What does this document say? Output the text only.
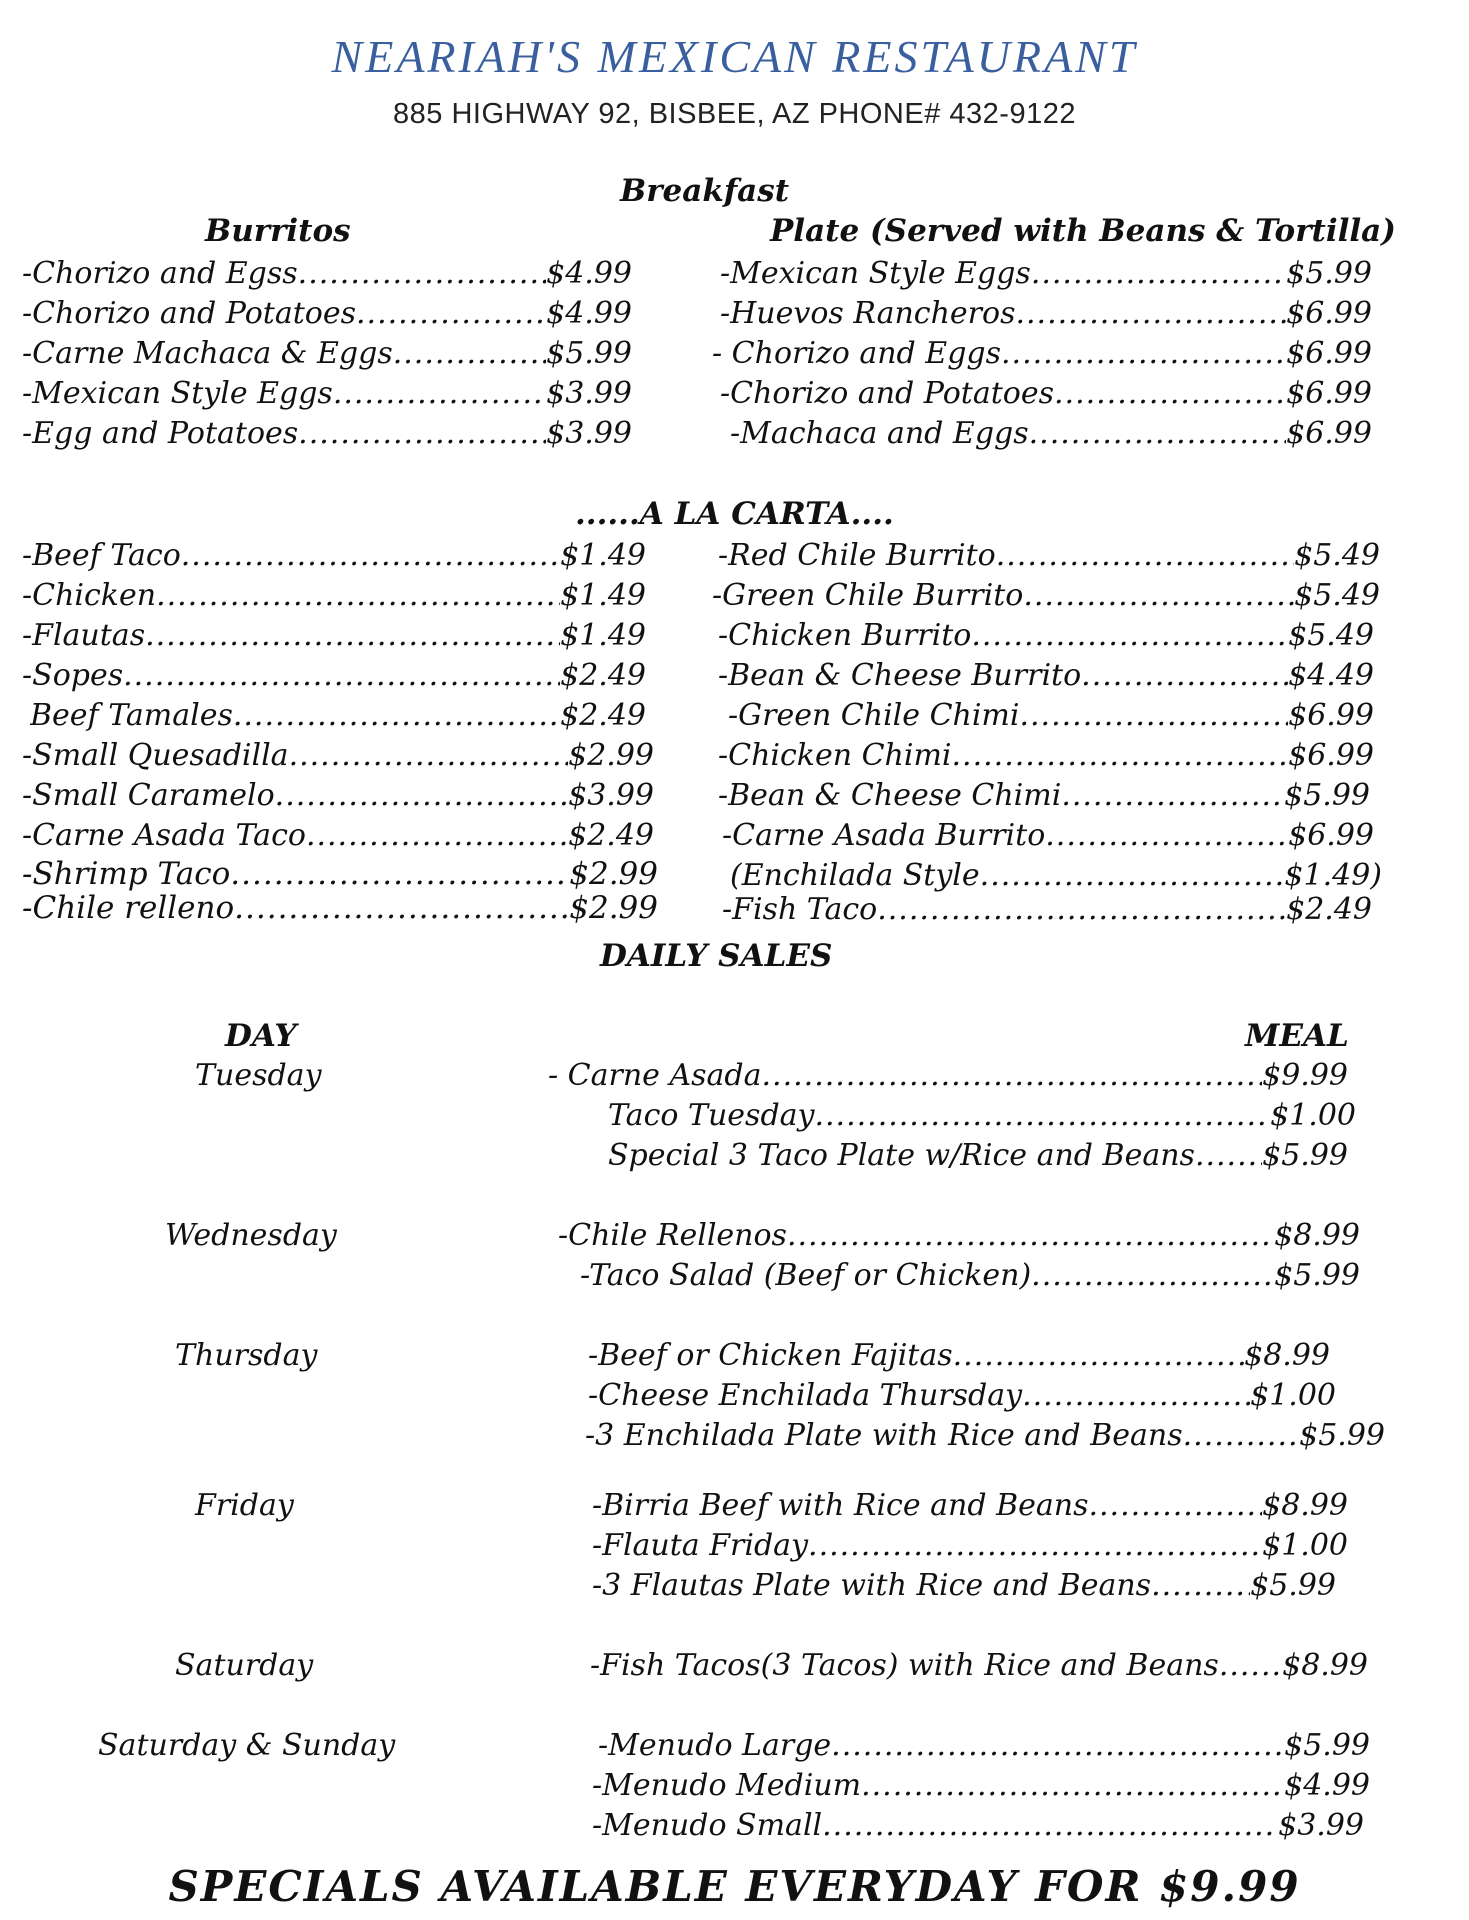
NEARIAH'S MEXICAN RESTAURANT
885 HIGHWAY 92, BISBEE, AZ PHONE# 432-9122
Breakfast
Burritos	Plate (Served with Beans & Tortilla)
-Chorizo and Egss .....	$4.99
-Chorizo and Potatoes .....	$4.99
-Carne Machaca & Eggs .....	$5.99
-Mexican Style Eggs .....	$3.99
-Egg and Potatoes .....	$3.99
-Mexican Style Eggs .....	$5.99
-Huevos Rancheros .....	$6.99
- Chorizo and Eggs .....	$6.99
-Chorizo and Potatoes .....	$6.99
-Machaca and Eggs .....	$6.99
......A LA CARTA....
-Beef Taco .....	$1.49
-Chicken .....	$1.49
-Flautas .....	$1.49
-Sopes .....	$2.49
Beef Tamales .....	$2.49
-Small Quesadilla .....	$2.99
-Small Caramelo .....	$3.99
-Carne Asada Taco .....	$2.49
-Shrimp Taco .....	$2.99
-Chile relleno .....	$2.99
-Red Chile Burrito .....	$5.49
-Green Chile Burrito .....	$5.49
-Chicken Burrito .....	$5.49
-Bean & Cheese Burrito .....	$4.49
-Green Chile Chimi .....	$6.99
-Chicken Chimi .....	$6.99
-Bean & Cheese Chimi .....	$5.99
-Carne Asada Burrito .....	$6.99
(Enchilada Style .....	$1.49)
-Fish Taco .....	$2.49
DAILY SALES
DAY	MEAL
Tuesday	- Carne Asada .....	$9.99
Taco Tuesday .....	$1.00
Special 3 Taco Plate w/Rice and Beans ..... $5.99
Wednesday	-Chile Rellenos .....	$8.99
-Taco Salad (Beef or Chicken) .....	$5.99
Thursday	-Beef or Chicken Fajitas .....	$8.99
-Cheese Enchilada Thursday .....	$1.00
-3 Enchilada Plate with Rice and Beans .....	$5.99
Friday	-Birria Beef with Rice and Beans .....	$8.99
-Flauta Friday .....	$1.00
-3 Flautas Plate with Rice and Beans .....	$5.99
Saturday	-Fish Tacos(3 Tacos) with Rice and Beans ..... $8.99
Saturday & Sunday	-Menudo Large .....	$5.99
-Menudo Medium .....	$4.99
-Menudo Small .....	$3.99
SPECIALS AVAILABLE EVERYDAY FOR $9.99
